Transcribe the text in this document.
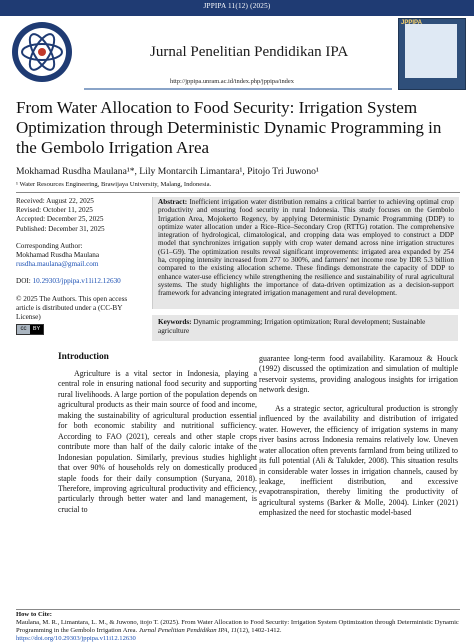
JPPIPA 11(12) (2025)
JPPIPA
Jurnal Penelitian Pendidikan IPA
http://jppipa.unram.ac.id/index.php/jppipa/index
From Water Allocation to Food Security: Irrigation System Optimization through Deterministic Dynamic Programming in the Gembolo Irrigation Area
Mokhamad Rusdha Maulana¹*, Lily Montarcih Limantara¹, Pitojo Tri Juwono¹
¹ Water Resources Engineering, Brawijaya University, Malang, Indonesia.
Received: August 22, 2025
Revised: October 11, 2025
Accepted: December 25, 2025
Published: December 31, 2025
Corresponding Author:
Mokhamad Rusdha Maulana
rusdha.maulana@gmail.com
DOI: 10.29303/jppipa.v11i12.12630
© 2025 The Authors. This open access article is distributed under a (CC-BY License)
cc	BY
Abstract: Inefficient irrigation water distribution remains a critical barrier to achieving optimal crop productivity and ensuring food security in rural Indonesia. This study focuses on the Gembolo Irrigation Area, Mojokerto Regency, by applying Deterministic Dynamic Programming (DDP) to optimize water allocation under a Rice–Rice–Secondary Crop (RTTG) rotation. The comprehensive integration of hydrological, climatological, and cropping data was employed to construct a DDP model that synchronizes irrigation supply with crop water demand across nine irrigation structures (G1–G9). The optimization results reveal significant improvements: irrigated area expanded by 254 ha, cropping intensity increased from 277 to 300%, and farmers' net income rose by IDR 5.3 billion compared to the existing allocation scheme. These findings demonstrate the capacity of DDP to enhance water-use efficiency while strengthening the resilience and sustainability of rural agricultural systems. The study highlights the importance of data-driven optimization as a decision-support framework for advancing integrated irrigation management and rural development.
Keywords: Dynamic programming; Irrigation optimization; Rural development; Sustainable agriculture
Introduction
Agriculture is a vital sector in Indonesia, playing a central role in ensuring national food security and supporting rural livelihoods. A large portion of the population depends on agricultural products as their main source of food and income, making the sustainability of agricultural production essential for both economic stability and nutritional sufficiency. According to FAO (2021), cereals and other staple crops contribute more than half of the daily caloric intake of the Indonesian population. Similarly, previous studies highlight that over 90% of households rely on domestically produced staple foods for their daily consumption (Suryana, 2018). Therefore, improving agricultural productivity and efficiency, particularly through better water and land management, is crucial to
guarantee long-term food availability. Karamouz & Houck (1992) discussed the optimization and simulation of multiple reservoir systems, providing analogous insights for irrigation network design.
As a strategic sector, agricultural production is strongly influenced by the availability and distribution of irrigated water. However, the efficiency of irrigation systems in many river basins across Indonesia remains relatively low. Uneven water allocation often prevents farmland from being utilized to its full potential (Ali & Talukder, 2008). This situation results in considerable water losses in irrigation channels, caused by leakage, inefficient distribution, and excessive evapotranspiration, thereby limiting the productivity of agricultural systems (Barker & Molle, 2004). Linker (2021) emphasized the need for stochastic model-based
How to Cite:
Maulana, M. R., Limantara, L. M., & Juwono, itojo T. (2025). From Water Allocation to Food Security: Irrigation System Optimization through Deterministic Dynamic Programming in the Gembolo Irrigation Area. Jurnal Penelitian Pendidikan IPA, 11(12), 1402-1412.
https://doi.org/10.29303/jppipa.v11i12.12630
